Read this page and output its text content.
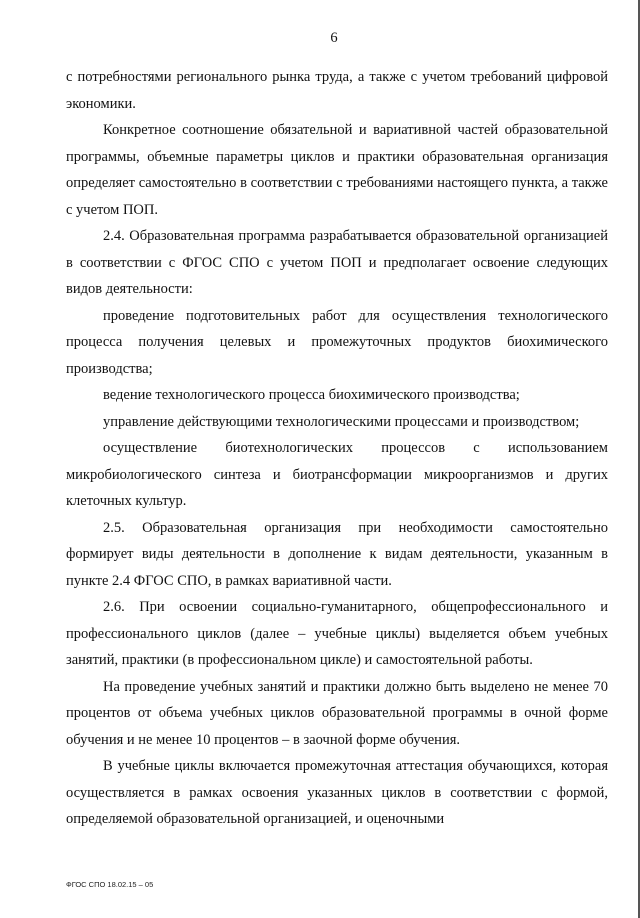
6

с потребностями регионального рынка труда, а также с учетом требований цифровой экономики.

Конкретное соотношение обязательной и вариативной частей образовательной программы, объемные параметры циклов и практики образовательная организация определяет самостоятельно в соответствии с требованиями настоящего пункта, а также с учетом ПОП.

2.4. Образовательная программа разрабатывается образовательной организацией в соответствии с ФГОС СПО с учетом ПОП и предполагает освоение следующих видов деятельности:

проведение подготовительных работ для осуществления технологического процесса получения целевых и промежуточных продуктов биохимического производства;

ведение технологического процесса биохимического производства;

управление действующими технологическими процессами и производством;

осуществление биотехнологических процессов с использованием микробиологического синтеза и биотрансформации микроорганизмов и других клеточных культур.

2.5. Образовательная организация при необходимости самостоятельно формирует виды деятельности в дополнение к видам деятельности, указанным в пункте 2.4 ФГОС СПО, в рамках вариативной части.

2.6. При освоении социально-гуманитарного, общепрофессионального и профессионального циклов (далее – учебные циклы) выделяется объем учебных занятий, практики (в профессиональном цикле) и самостоятельной работы.

На проведение учебных занятий и практики должно быть выделено не менее 70 процентов от объема учебных циклов образовательной программы в очной форме обучения и не менее 10 процентов – в заочной форме обучения.

В учебные циклы включается промежуточная аттестация обучающихся, которая осуществляется в рамках освоения указанных циклов в соответствии с формой, определяемой образовательной организацией, и оценочными

ФГОС СПО 18.02.15 – 05
